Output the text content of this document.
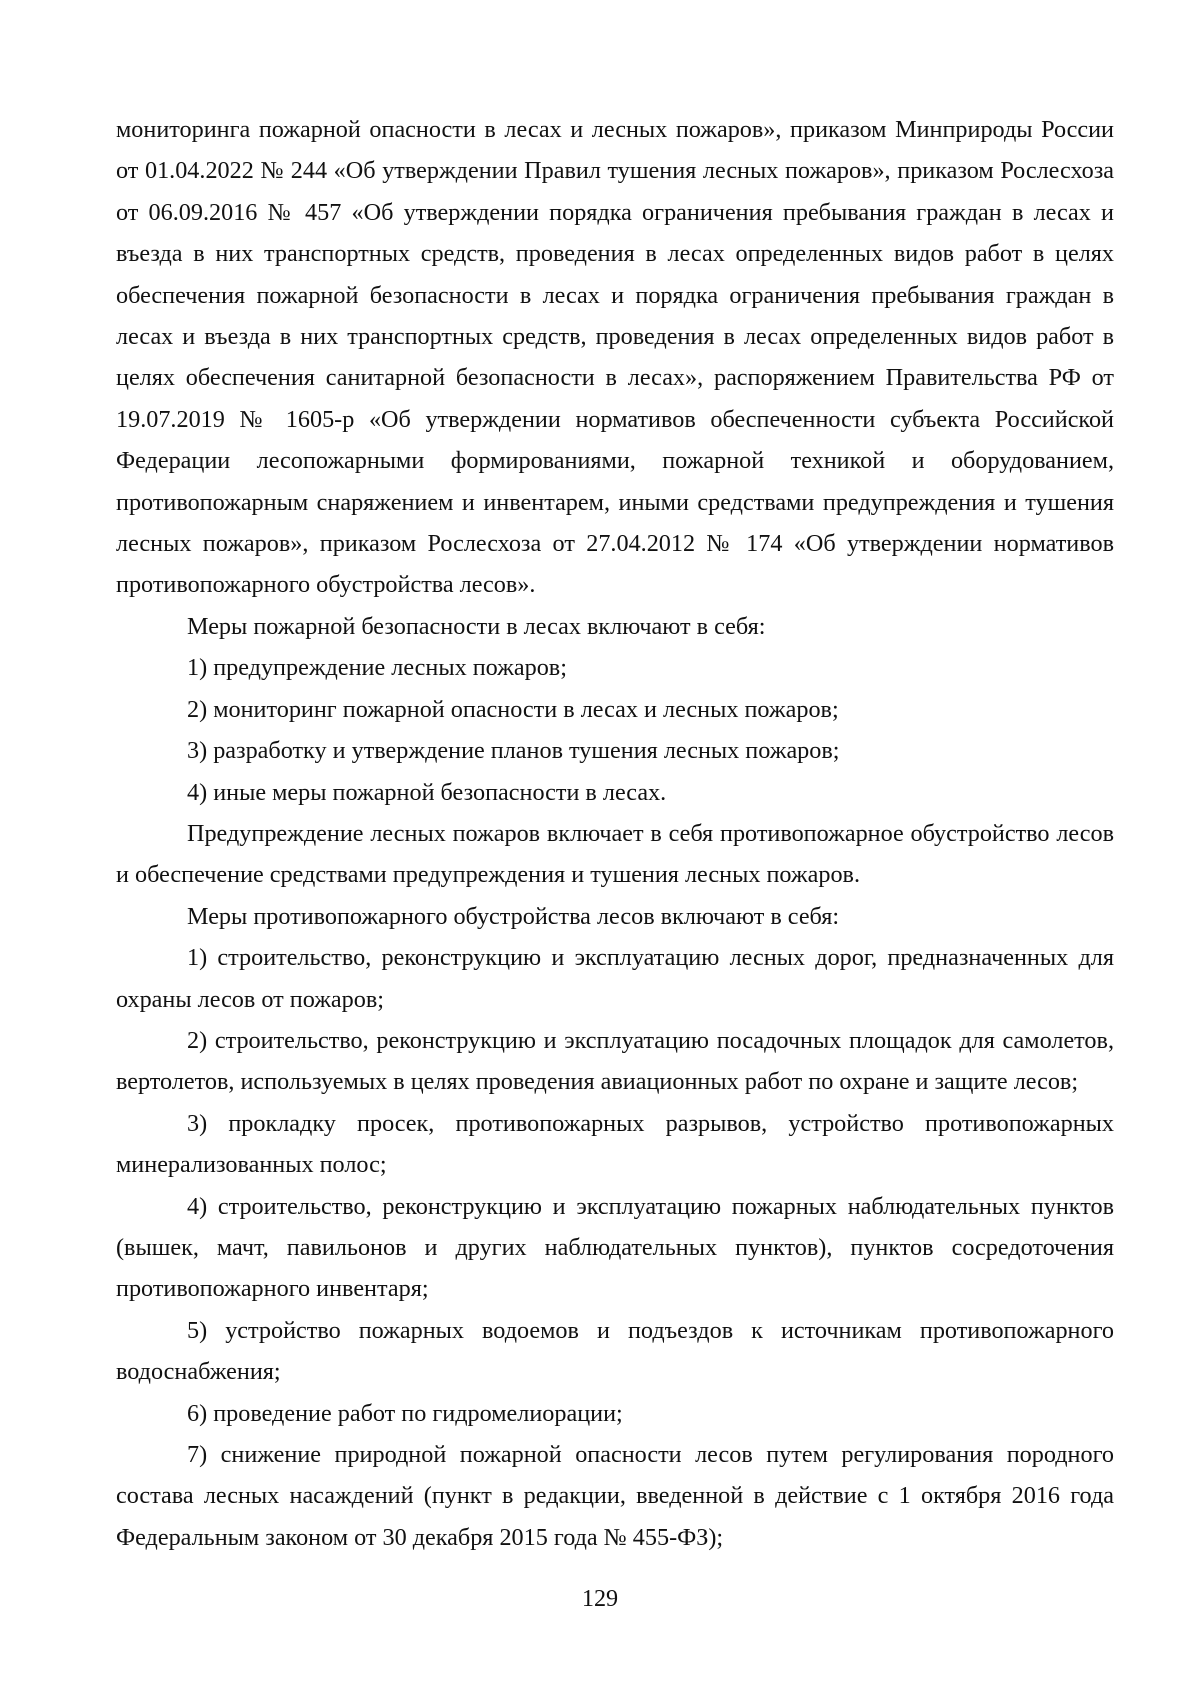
мониторинга пожарной опасности в лесах и лесных пожаров», приказом Минприроды России от 01.04.2022 № 244 «Об утверждении Правил тушения лесных пожаров», приказом Рослесхоза от 06.09.2016 № 457 «Об утверждении порядка ограничения пребывания граждан в лесах и въезда в них транспортных средств, проведения в лесах определенных видов работ в целях обеспечения пожарной безопасности в лесах и порядка ограничения пребывания граждан в лесах и въезда в них транспортных средств, проведения в лесах определенных видов работ в целях обеспечения санитарной безопасности в лесах», распоряжением Правительства РФ от 19.07.2019 № 1605-р «Об утверждении нормативов обеспеченности субъекта Российской Федерации лесопожарными формированиями, пожарной техникой и оборудованием, противопожарным снаряжением и инвентарем, иными средствами предупреждения и тушения лесных пожаров», приказом Рослесхоза от 27.04.2012 № 174 «Об утверждении нормативов противопожарного обустройства лесов».

Меры пожарной безопасности в лесах включают в себя:

1) предупреждение лесных пожаров;

2) мониторинг пожарной опасности в лесах и лесных пожаров;

3) разработку и утверждение планов тушения лесных пожаров;

4) иные меры пожарной безопасности в лесах.

Предупреждение лесных пожаров включает в себя противопожарное обустройство лесов и обеспечение средствами предупреждения и тушения лесных пожаров.

Меры противопожарного обустройства лесов включают в себя:

1) строительство, реконструкцию и эксплуатацию лесных дорог, предназначенных для охраны лесов от пожаров;

2) строительство, реконструкцию и эксплуатацию посадочных площадок для самолетов, вертолетов, используемых в целях проведения авиационных работ по охране и защите лесов;

3) прокладку просек, противопожарных разрывов, устройство противопожарных минерализованных полос;

4) строительство, реконструкцию и эксплуатацию пожарных наблюдательных пунктов (вышек, мачт, павильонов и других наблюдательных пунктов), пунктов сосредоточения противопожарного инвентаря;

5) устройство пожарных водоемов и подъездов к источникам противопожарного водоснабжения;

6) проведение работ по гидромелиорации;

7) снижение природной пожарной опасности лесов путем регулирования породного состава лесных насаждений (пункт в редакции, введенной в действие с 1 октября 2016 года Федеральным законом от 30 декабря 2015 года № 455-ФЗ);

129
